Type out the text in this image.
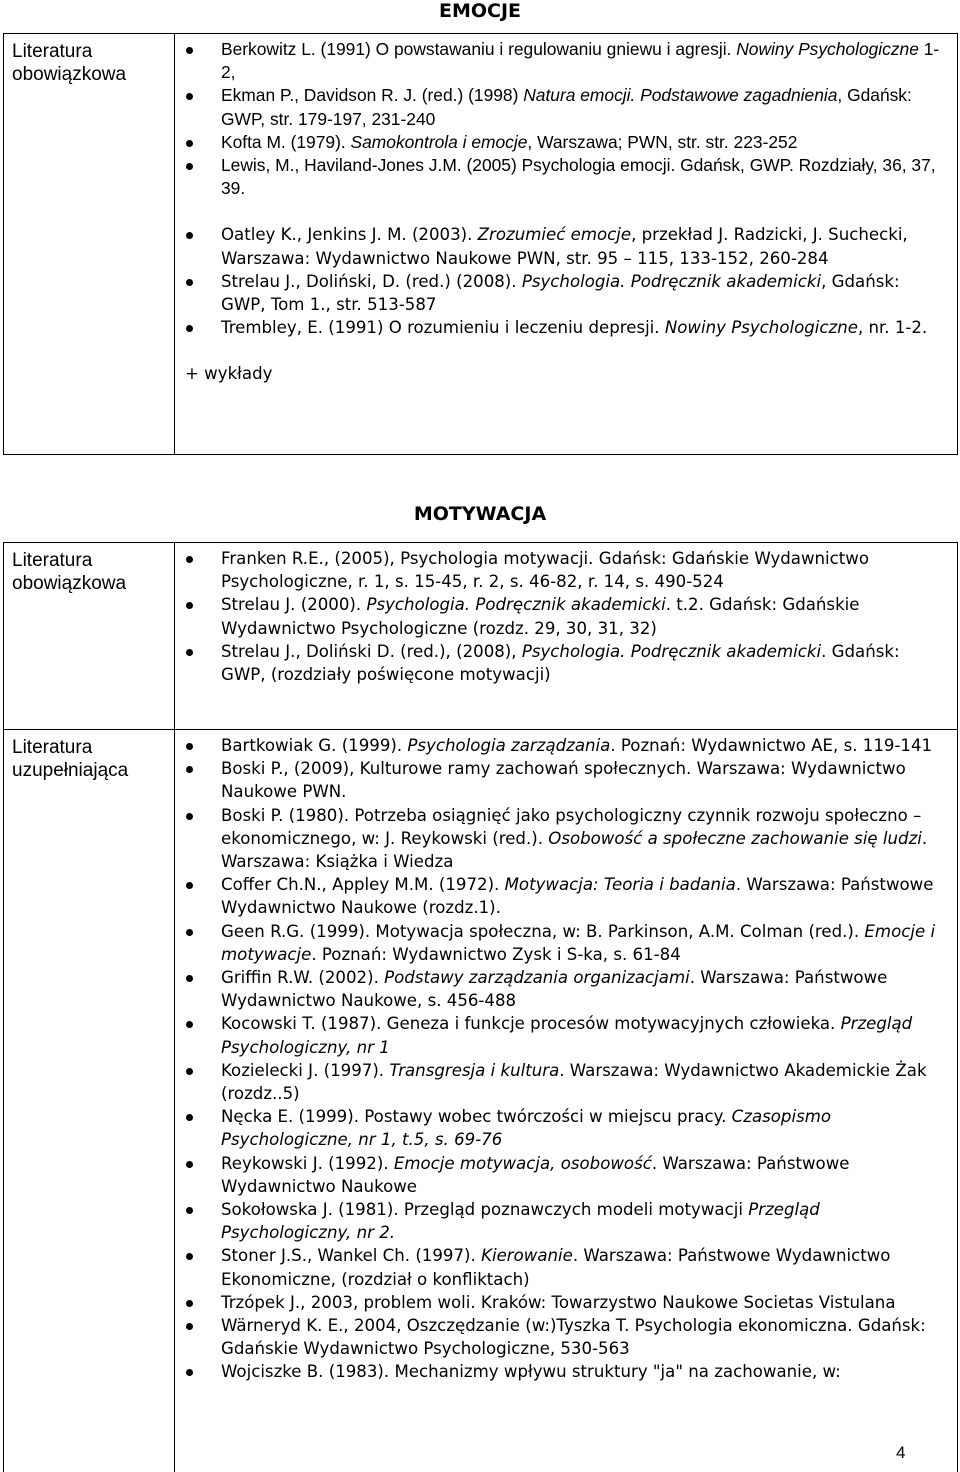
EMOCJE
Literatura
obowiązkowa
Berkowitz L. (1991) O powstawaniu i regulowaniu gniewu i agresji. Nowiny Psychologiczne 1-2,
Ekman P., Davidson R. J. (red.) (1998) Natura emocji. Podstawowe zagadnienia, Gdańsk: GWP, str. 179-197, 231-240
Kofta M. (1979). Samokontrola i emocje, Warszawa; PWN, str. str. 223-252
Lewis, M., Haviland-Jones J.M. (2005) Psychologia emocji. Gdańsk, GWP. Rozdziały, 36, 37, 39.
Oatley K., Jenkins J. M. (2003). Zrozumieć emocje, przekład J. Radzicki, J. Suchecki, Warszawa: Wydawnictwo Naukowe PWN, str. 95 – 115, 133-152, 260-284
Strelau J., Doliński, D. (red.) (2008). Psychologia. Podręcznik akademicki, Gdańsk: GWP, Tom 1., str. 513-587
Trembley, E. (1991) O rozumieniu i leczeniu depresji. Nowiny Psychologiczne, nr. 1-2.
+ wykłady
MOTYWACJA
Literatura
obowiązkowa
Franken R.E., (2005), Psychologia motywacji. Gdańsk: Gdańskie Wydawnictwo Psychologiczne, r. 1, s. 15-45, r. 2, s. 46-82, r. 14, s. 490-524
Strelau J. (2000). Psychologia. Podręcznik akademicki. t.2. Gdańsk: Gdańskie Wydawnictwo Psychologiczne (rozdz. 29, 30, 31, 32)
Strelau J., Doliński D. (red.), (2008), Psychologia. Podręcznik akademicki. Gdańsk: GWP, (rozdziały poświęcone motywacji)
Literatura
uzupełniająca
Bartkowiak G. (1999). Psychologia zarządzania. Poznań: Wydawnictwo AE, s. 119-141
Boski P., (2009), Kulturowe ramy zachowań społecznych. Warszawa: Wydawnictwo Naukowe PWN.
Boski P. (1980). Potrzeba osiągnięć jako psychologiczny czynnik rozwoju społeczno – ekonomicznego, w: J. Reykowski (red.). Osobowość a społeczne zachowanie się ludzi. Warszawa: Książka i Wiedza
Coffer Ch.N., Appley M.M. (1972). Motywacja: Teoria i badania. Warszawa: Państwowe Wydawnictwo Naukowe (rozdz.1).
Geen R.G. (1999). Motywacja społeczna, w: B. Parkinson, A.M. Colman (red.). Emocje i motywacje. Poznań: Wydawnictwo Zysk i S-ka, s. 61-84
Griffin R.W. (2002). Podstawy zarządzania organizacjami. Warszawa: Państwowe Wydawnictwo Naukowe, s. 456-488
Kocowski T. (1987). Geneza i funkcje procesów motywacyjnych człowieka. Przegląd Psychologiczny, nr 1
Kozielecki J. (1997). Transgresja i kultura. Warszawa: Wydawnictwo Akademickie Żak (rozdz..5)
Nęcka E. (1999). Postawy wobec twórczości w miejscu pracy. Czasopismo Psychologiczne, nr 1, t.5, s. 69-76
Reykowski J. (1992). Emocje motywacja, osobowość. Warszawa: Państwowe Wydawnictwo Naukowe
Sokołowska J. (1981). Przegląd poznawczych modeli motywacji Przegląd Psychologiczny, nr 2.
Stoner J.S., Wankel Ch. (1997). Kierowanie. Warszawa: Państwowe Wydawnictwo Ekonomiczne, (rozdział o konfliktach)
Trzópek J., 2003, problem woli. Kraków: Towarzystwo Naukowe Societas Vistulana
Wärneryd K. E., 2004, Oszczędzanie (w:)Tyszka T. Psychologia ekonomiczna. Gdańsk: Gdańskie Wydawnictwo Psychologiczne, 530-563
Wojciszke B. (1983). Mechanizmy wpływu struktury "ja" na zachowanie, w:
4
